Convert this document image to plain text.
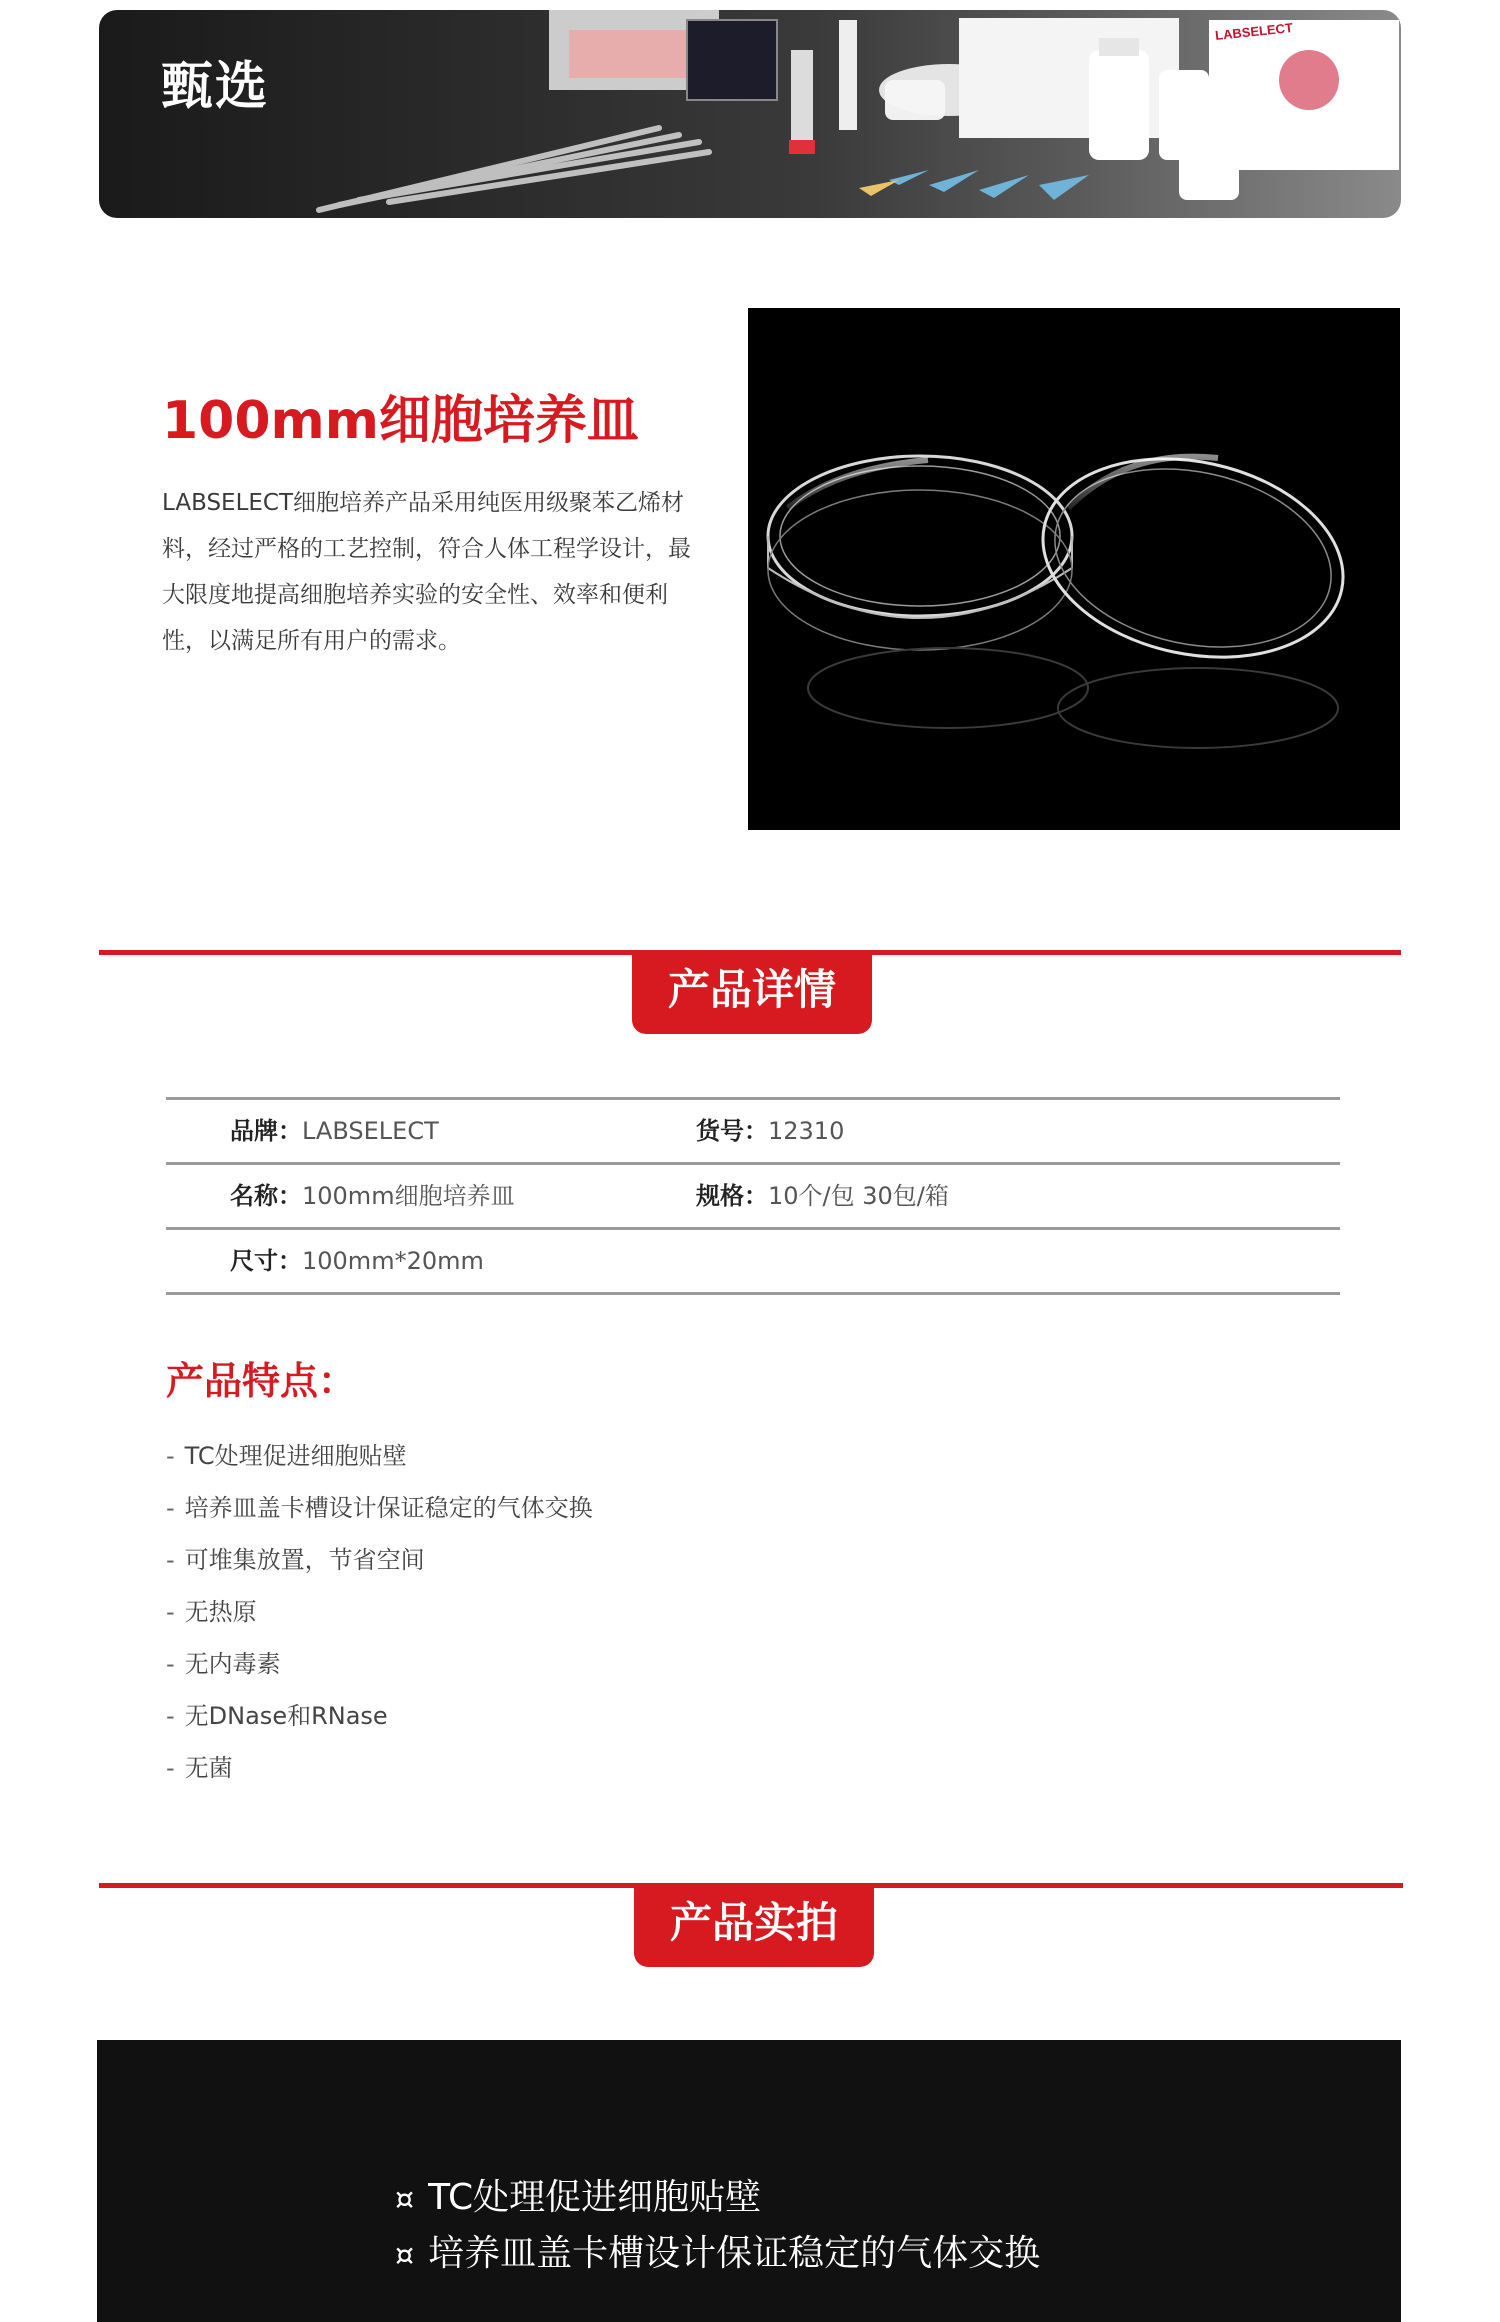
甄选
LABSELECT
100mm细胞培养皿

LABSELECT细胞培养产品采用纯医用级聚苯乙烯材料，经过严格的工艺控制，符合人体工程学设计，最大限度地提高细胞培养实验的安全性、效率和便利性，以满足所有用户的需求。

产品详情
品牌：LABSELECT	货号：12310
名称：100mm细胞培养皿	规格：10个/包 30包/箱
尺寸：100mm*20mm
产品特点：
- TC处理促进细胞贴壁
- 培养皿盖卡槽设计保证稳定的气体交换
- 可堆集放置，节省空间
- 无热原
- 无内毒素
- 无DNase和RNase
- 无菌
产品实拍
¤ TC处理促进细胞贴壁
¤ 培养皿盖卡槽设计保证稳定的气体交换
